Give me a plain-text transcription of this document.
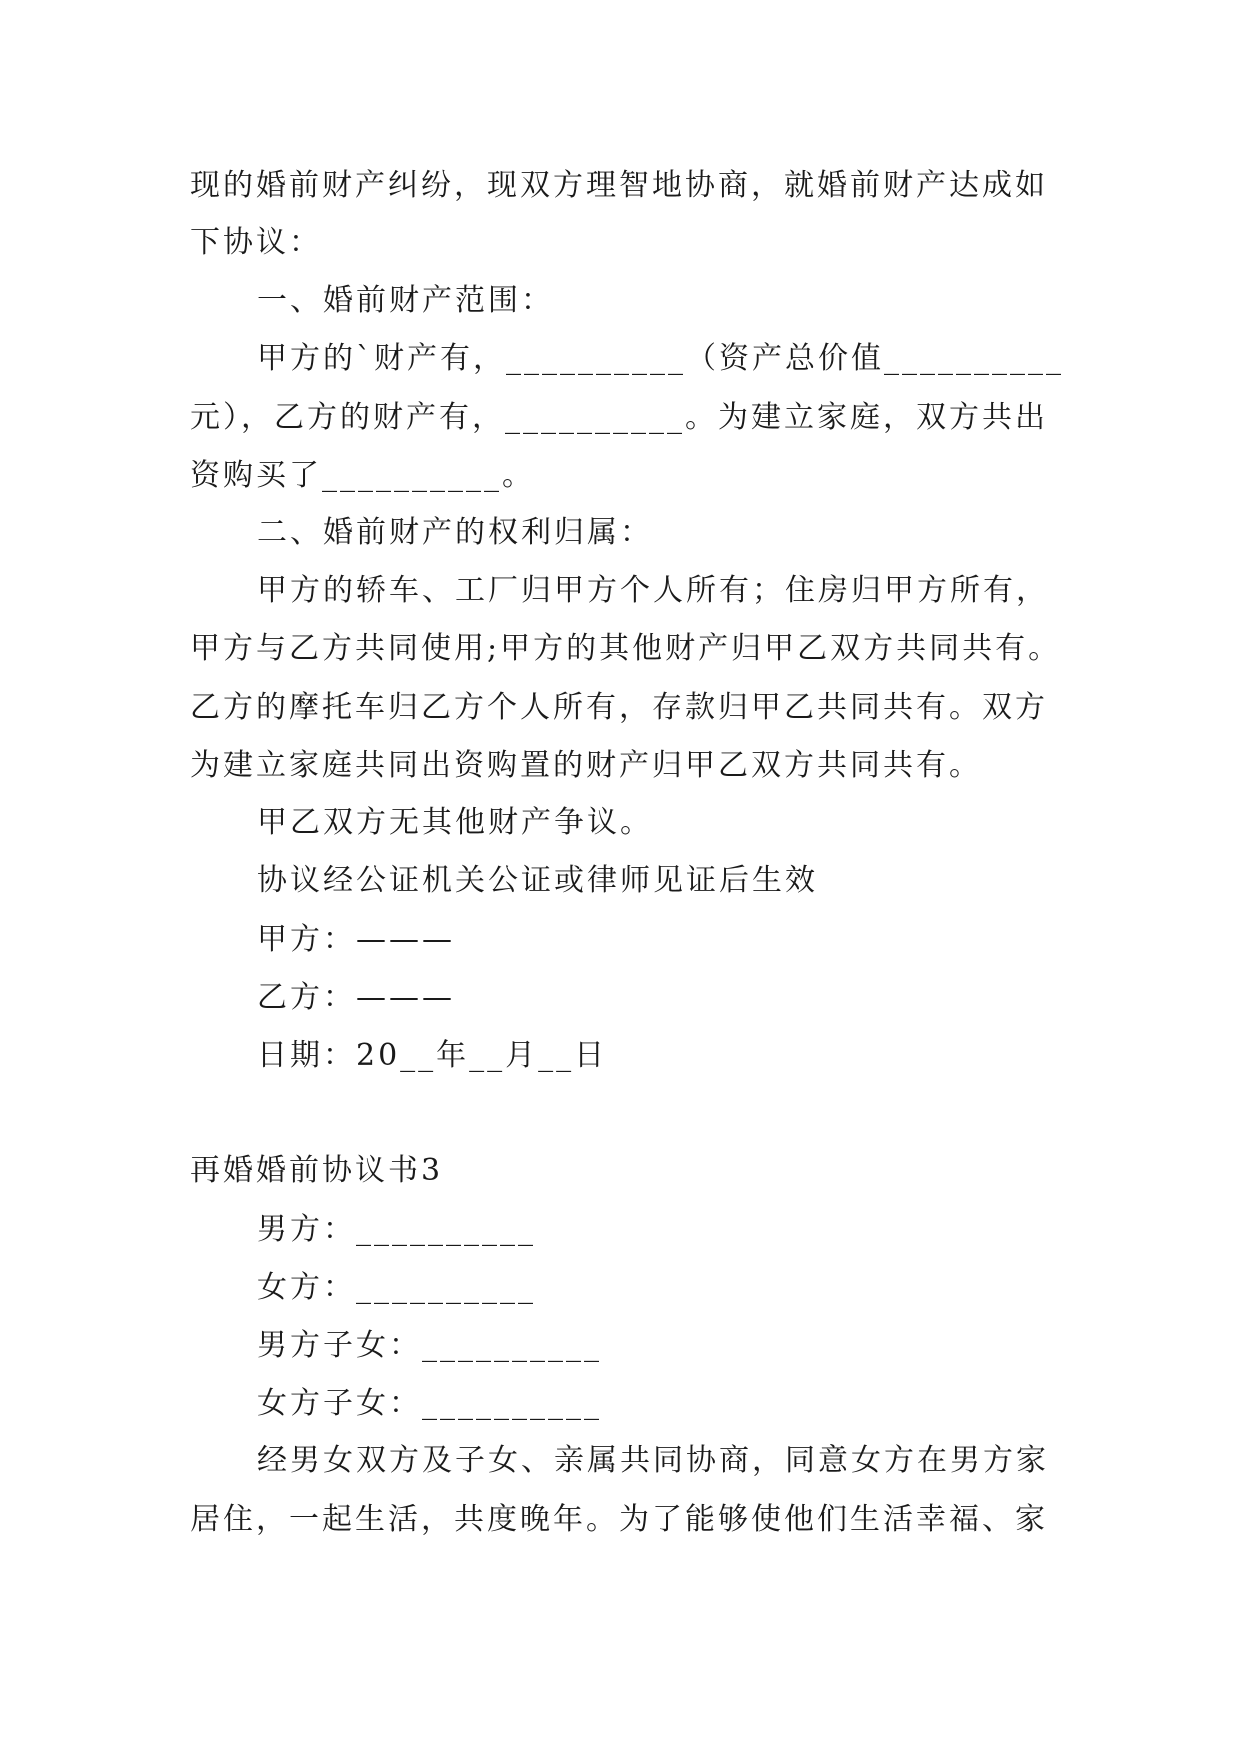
现的婚前财产纠纷，现双方理智地协商，就婚前财产达成如
下协议：
一、婚前财产范围：
甲方的`财产有，__________（资产总价值__________
元），乙方的财产有，__________。为建立家庭，双方共出
资购买了__________。
二、婚前财产的权利归属：
甲方的轿车、工厂归甲方个人所有；住房归甲方所有，
甲方与乙方共同使用;甲方的其他财产归甲乙双方共同共有。
乙方的摩托车归乙方个人所有，存款归甲乙共同共有。双方
为建立家庭共同出资购置的财产归甲乙双方共同共有。
甲乙双方无其他财产争议。
协议经公证机关公证或律师见证后生效
甲方：———
乙方：———
日期：20__年__月__日
再婚婚前协议书3
男方：__________
女方：__________
男方子女：__________
女方子女：__________
经男女双方及子女、亲属共同协商，同意女方在男方家
居住，一起生活，共度晚年。为了能够使他们生活幸福、家
